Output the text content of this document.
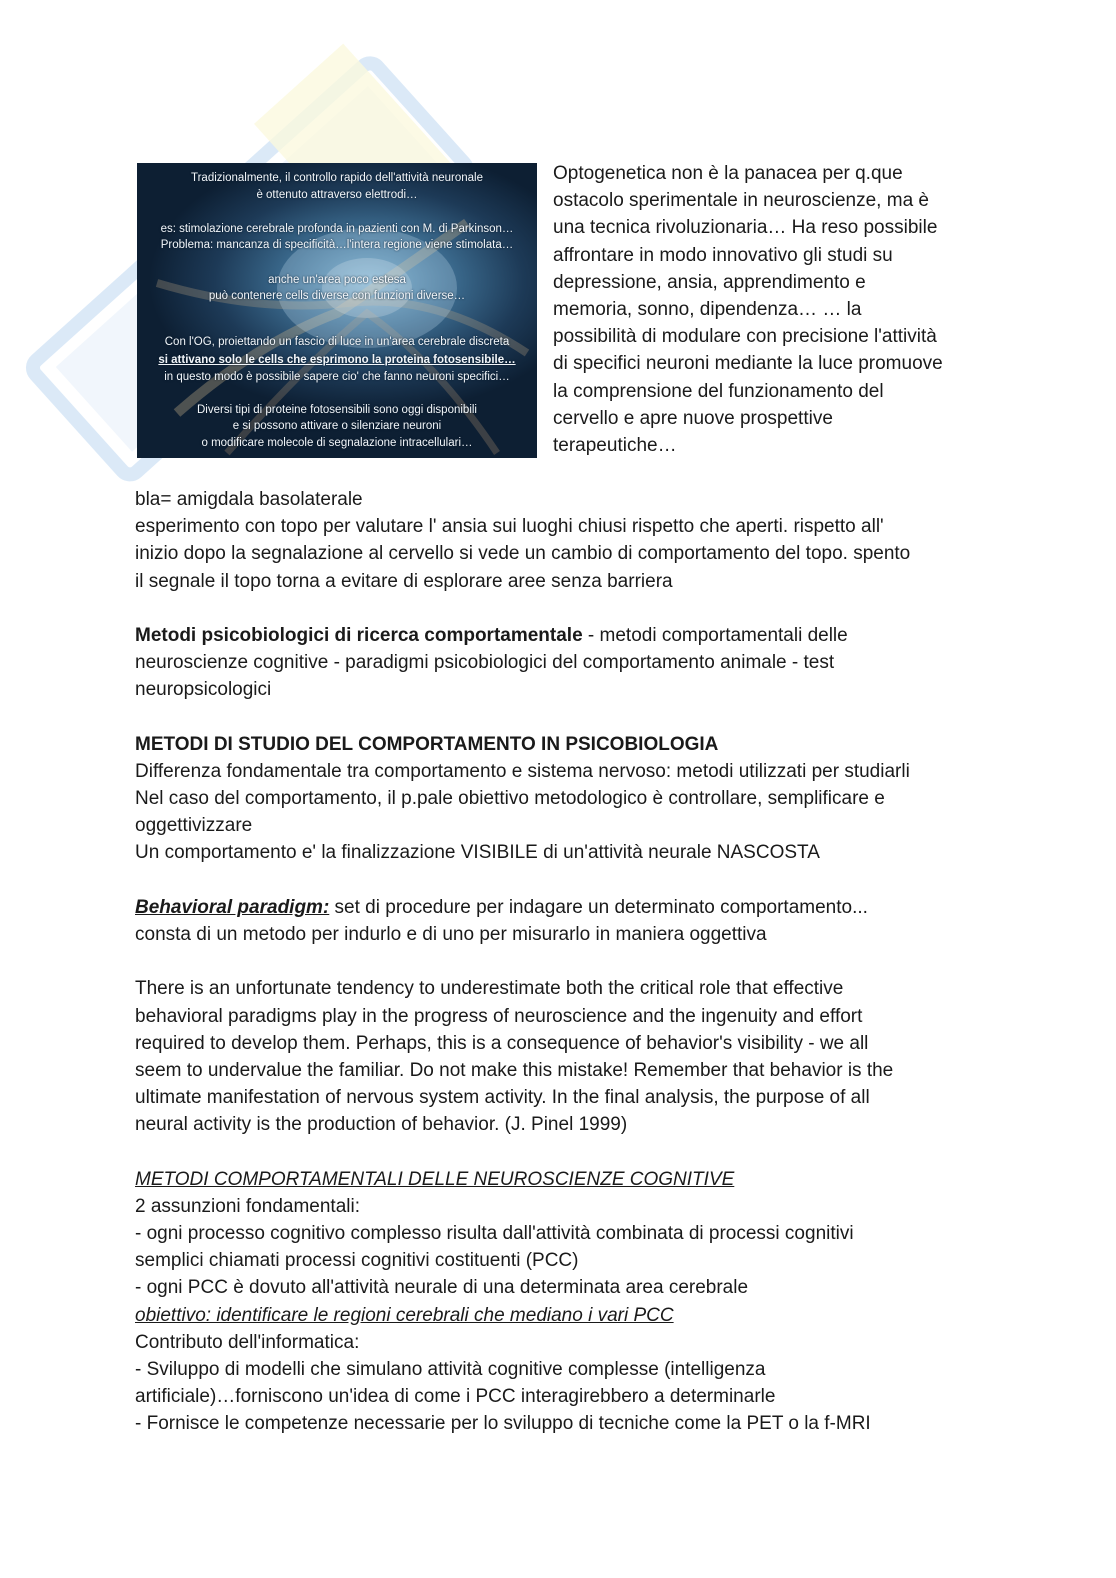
Tradizionalmente, il controllo rapido dell'attività neuronale
è ottenuto attraverso elettrodi…
es: stimolazione cerebrale profonda in pazienti con M. di Parkinson…
Problema: mancanza di specificità…l'intera regione viene stimolata…
anche un'area poco estesa
può contenere cells diverse con funzioni diverse…
Con l'OG, proiettando un fascio di luce in un'area cerebrale discreta
si attivano solo le cells che esprimono la proteina fotosensibile…
in questo modo è possibile sapere cio' che fanno neuroni specifici…
Diversi tipi di proteine fotosensibili sono oggi disponibili
e si possono attivare o silenziare neuroni
o modificare molecole di segnalazione intracellulari…
Optogenetica non è la panacea per q.que
ostacolo sperimentale in neuroscienze, ma è
una tecnica rivoluzionaria… Ha reso possibile
affrontare in modo innovativo gli studi su
depressione, ansia, apprendimento e
memoria, sonno, dipendenza… … la
possibilità di modulare con precisione l'attività
di specifici neuroni mediante la luce promuove
la comprensione del funzionamento del
cervello e apre nuove prospettive
terapeutiche…
bla= amigdala basolaterale
esperimento con topo per valutare l' ansia sui luoghi chiusi rispetto che aperti. rispetto all'
inizio dopo la segnalazione al cervello si vede un cambio di comportamento del topo. spento
il segnale il topo torna a evitare di esplorare aree senza barriera
Metodi psicobiologici di ricerca comportamentale - metodi comportamentali delle
neuroscienze cognitive - paradigmi psicobiologici del comportamento animale - test
neuropsicologici
METODI DI STUDIO DEL COMPORTAMENTO IN PSICOBIOLOGIA
Differenza fondamentale tra comportamento e sistema nervoso: metodi utilizzati per studiarli
Nel caso del comportamento, il p.pale obiettivo metodologico è controllare, semplificare e
oggettivizzare
Un comportamento e' la finalizzazione VISIBILE di un'attività neurale NASCOSTA
Behavioral paradigm: set di procedure per indagare un determinato comportamento...
consta di un metodo per indurlo e di uno per misurarlo in maniera oggettiva
There is an unfortunate tendency to underestimate both the critical role that effective
behavioral paradigms play in the progress of neuroscience and the ingenuity and effort
required to develop them. Perhaps, this is a consequence of behavior's visibility - we all
seem to undervalue the familiar. Do not make this mistake! Remember that behavior is the
ultimate manifestation of nervous system activity. In the final analysis, the purpose of all
neural activity is the production of behavior. (J. Pinel 1999)
METODI COMPORTAMENTALI DELLE NEUROSCIENZE COGNITIVE
2 assunzioni fondamentali:
- ogni processo cognitivo complesso risulta dall'attività combinata di processi cognitivi
semplici chiamati processi cognitivi costituenti (PCC)
- ogni PCC è dovuto all'attività neurale di una determinata area cerebrale
obiettivo: identificare le regioni cerebrali che mediano i vari PCC
Contributo dell'informatica:
- Sviluppo di modelli che simulano attività cognitive complesse (intelligenza
artificiale)…forniscono un'idea di come i PCC interagirebbero a determinarle
- Fornisce le competenze necessarie per lo sviluppo di tecniche come la PET o la f-MRI
